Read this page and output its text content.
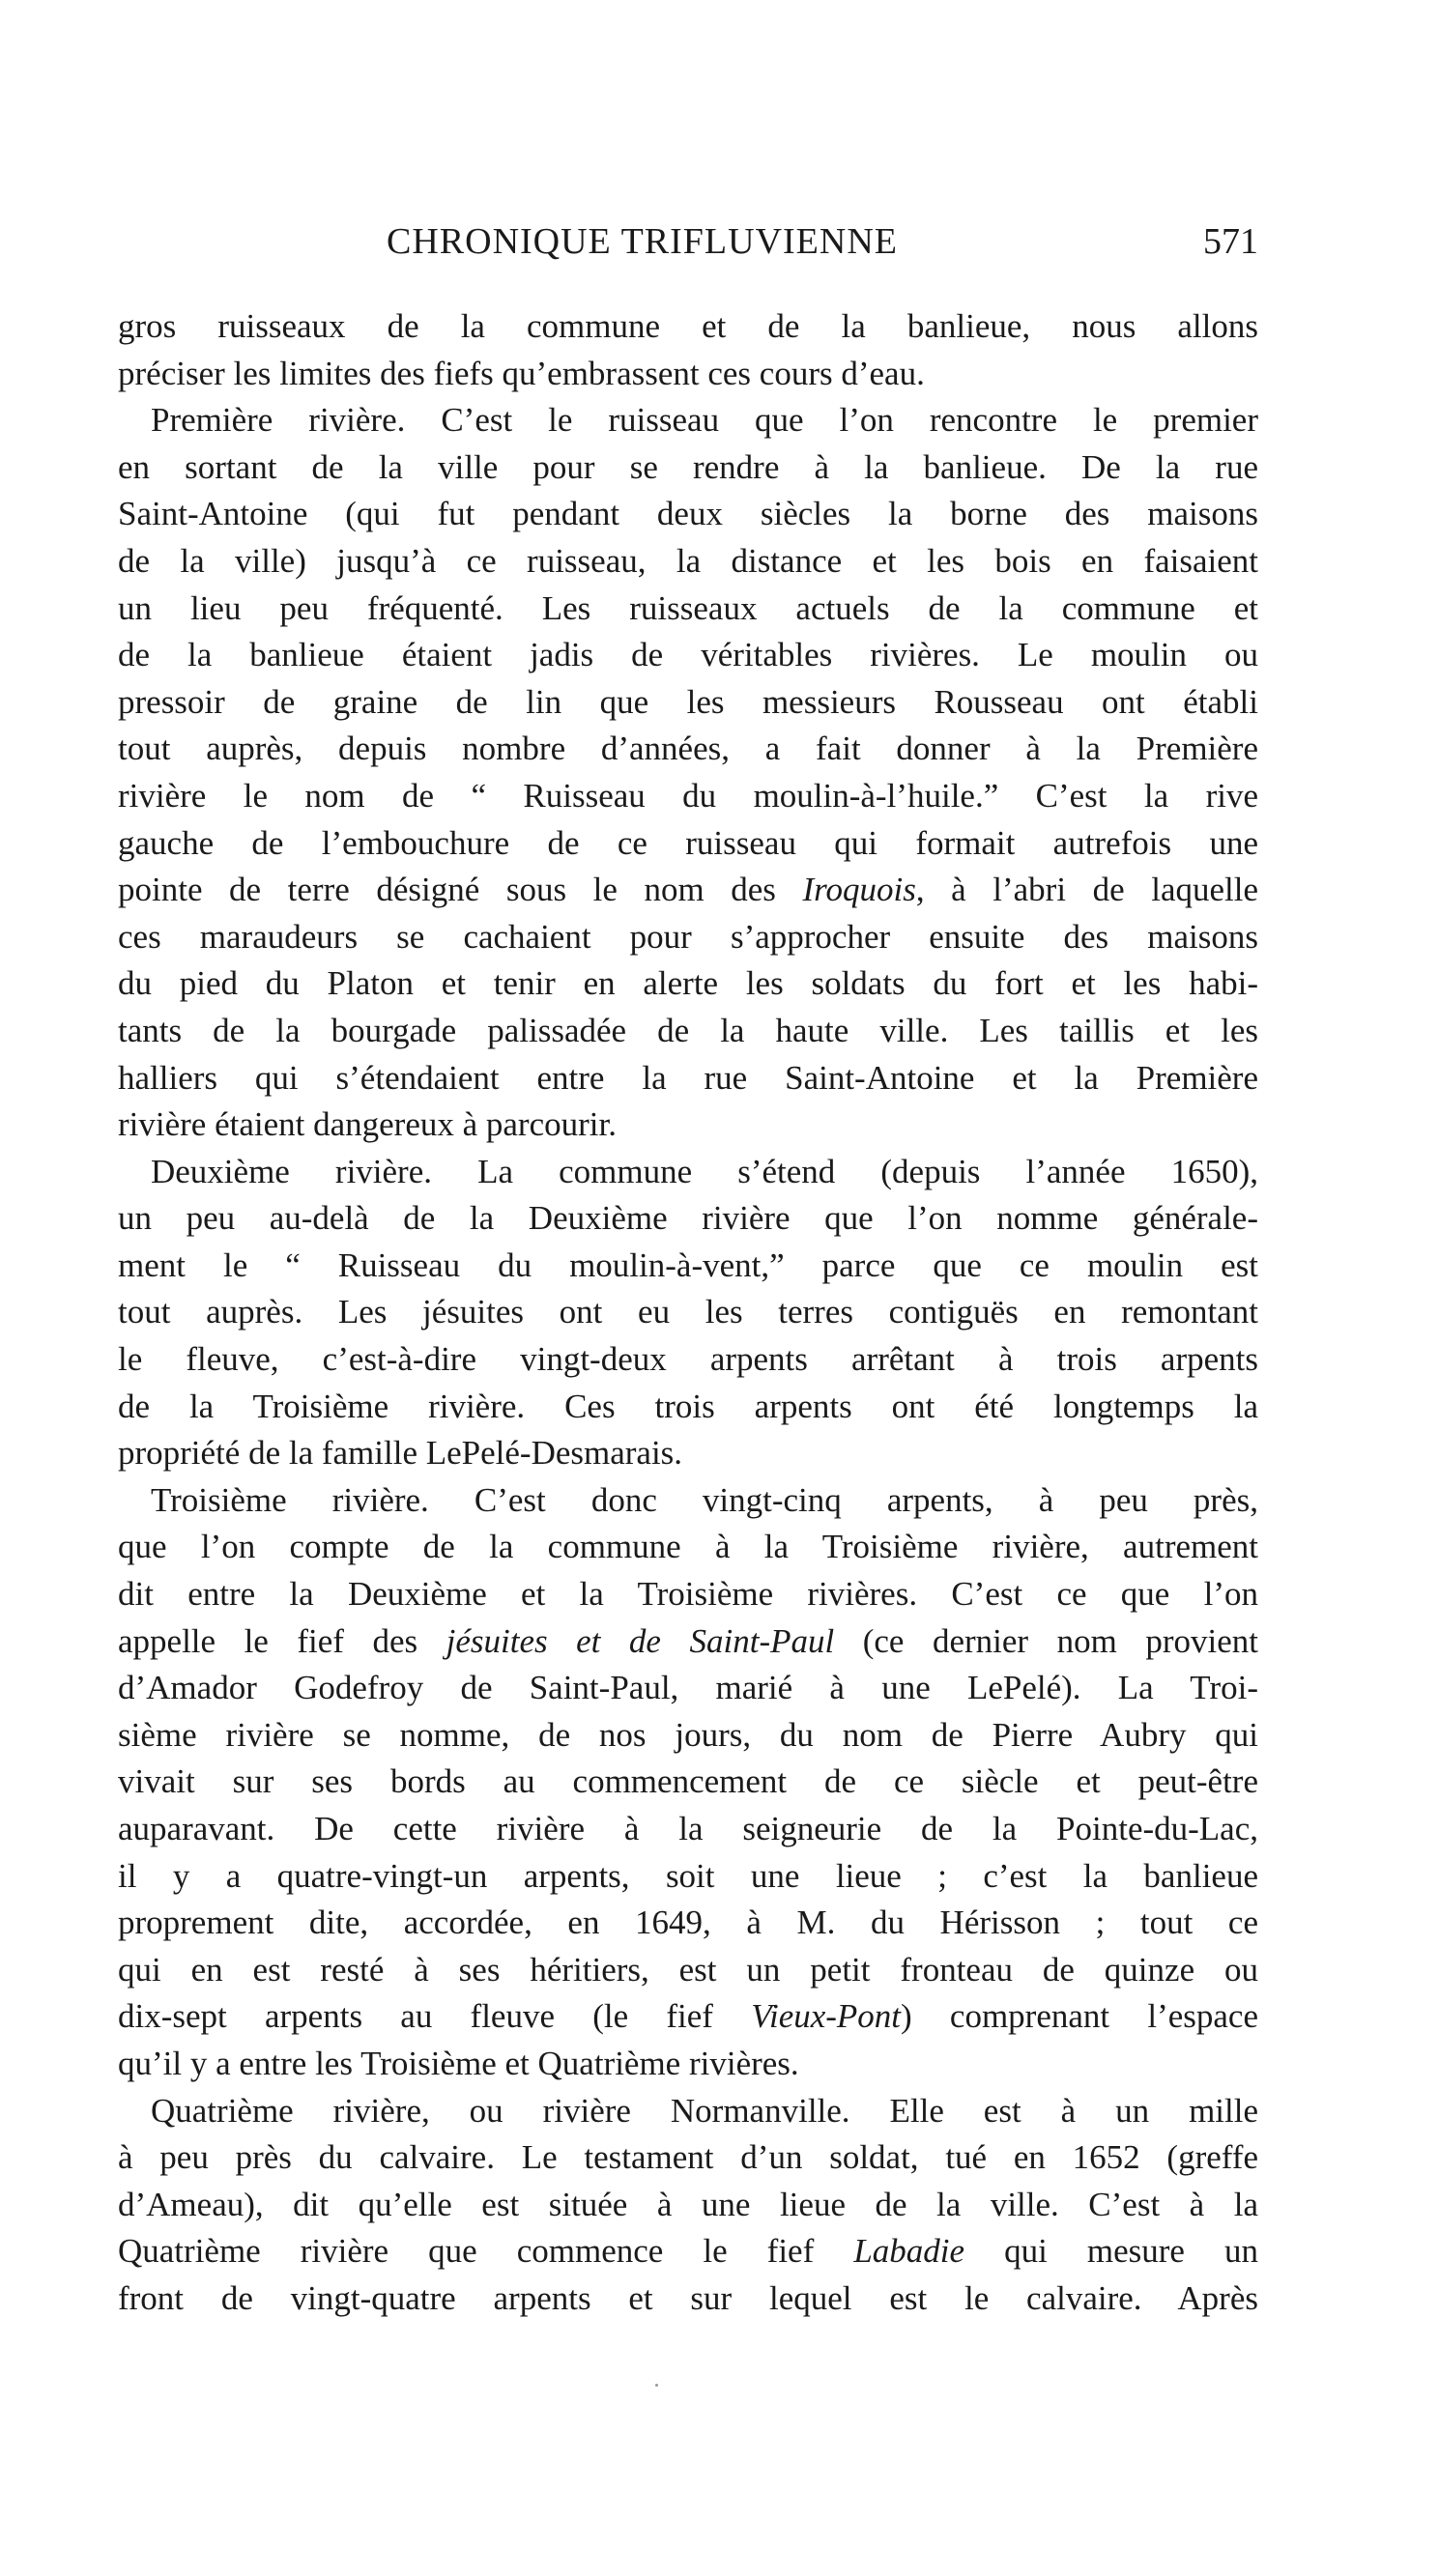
CHRONIQUE TRIFLUVIENNE	571
gros ruisseaux de la commune et de la banlieue, nous allons
préciser les limites des fiefs qu’embrassent ces cours d’eau.
Première rivière. C’est le ruisseau que l’on rencontre le premier
en sortant de la ville pour se rendre à la banlieue. De la rue
Saint-Antoine (qui fut pendant deux siècles la borne des maisons
de la ville) jusqu’à ce ruisseau, la distance et les bois en faisaient
un lieu peu fréquenté. Les ruisseaux actuels de la commune et
de la banlieue étaient jadis de véritables rivières. Le moulin ou
pressoir de graine de lin que les messieurs Rousseau ont établi
tout auprès, depuis nombre d’années, a fait donner à la Première
rivière le nom de “ Ruisseau du moulin-à-l’huile.” C’est la rive
gauche de l’embouchure de ce ruisseau qui formait autrefois une
pointe de terre désigné sous le nom des Iroquois, à l’abri de laquelle
ces maraudeurs se cachaient pour s’approcher ensuite des maisons
du pied du Platon et tenir en alerte les soldats du fort et les habi-
tants de la bourgade palissadée de la haute ville. Les taillis et les
halliers qui s’étendaient entre la rue Saint-Antoine et la Première
rivière étaient dangereux à parcourir.
Deuxième rivière. La commune s’étend (depuis l’année 1650),
un peu au-delà de la Deuxième rivière que l’on nomme générale-
ment le “ Ruisseau du moulin-à-vent,” parce que ce moulin est
tout auprès. Les jésuites ont eu les terres contiguës en remontant
le fleuve, c’est-à-dire vingt-deux arpents arrêtant à trois arpents
de la Troisième rivière. Ces trois arpents ont été longtemps la
propriété de la famille LePelé-Desmarais.
Troisième rivière. C’est donc vingt-cinq arpents, à peu près,
que l’on compte de la commune à la Troisième rivière, autrement
dit entre la Deuxième et la Troisième rivières. C’est ce que l’on
appelle le fief des jésuites et de Saint-Paul (ce dernier nom provient
d’Amador Godefroy de Saint-Paul, marié à une LePelé). La Troi-
sième rivière se nomme, de nos jours, du nom de Pierre Aubry qui
vivait sur ses bords au commencement de ce siècle et peut-être
auparavant. De cette rivière à la seigneurie de la Pointe-du-Lac,
il y a quatre-vingt-un arpents, soit une lieue ; c’est la banlieue
proprement dite, accordée, en 1649, à M. du Hérisson ; tout ce
qui en est resté à ses héritiers, est un petit fronteau de quinze ou
dix-sept arpents au fleuve (le fief Vieux-Pont) comprenant l’espace
qu’il y a entre les Troisième et Quatrième rivières.
Quatrième rivière, ou rivière Normanville. Elle est à un mille
à peu près du calvaire. Le testament d’un soldat, tué en 1652 (greffe
d’Ameau), dit qu’elle est située à une lieue de la ville. C’est à la
Quatrième rivière que commence le fief Labadie qui mesure un
front de vingt-quatre arpents et sur lequel est le calvaire. Après
